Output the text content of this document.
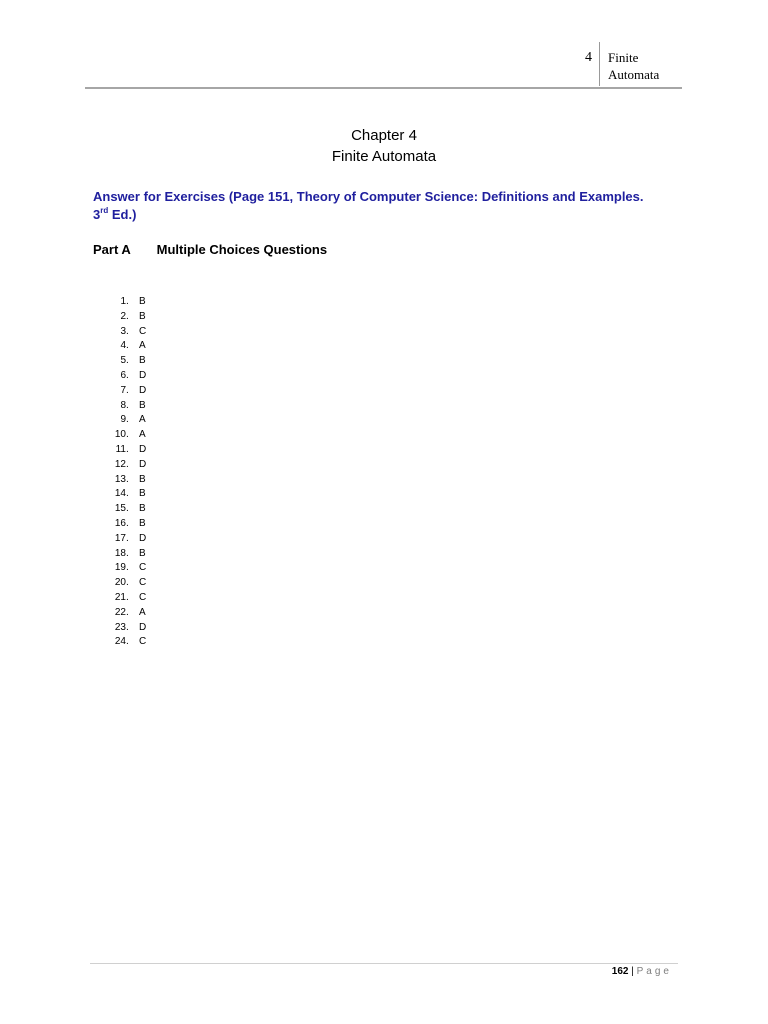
4 Finite
Automata
Chapter 4
Finite Automata
Answer for Exercises (Page 151, Theory of Computer Science: Definitions and Examples.
3rd Ed.)
Part A Multiple Choices Questions
1. B
2. B
3. C
4. A
5. B
6. D
7. D
8. B
9. A
10. A
11. D
12. D
13. B
14. B
15. B
16. B
17. D
18. B
19. C
20. C
21. C
22. A
23. D
24. C
162 | Page
